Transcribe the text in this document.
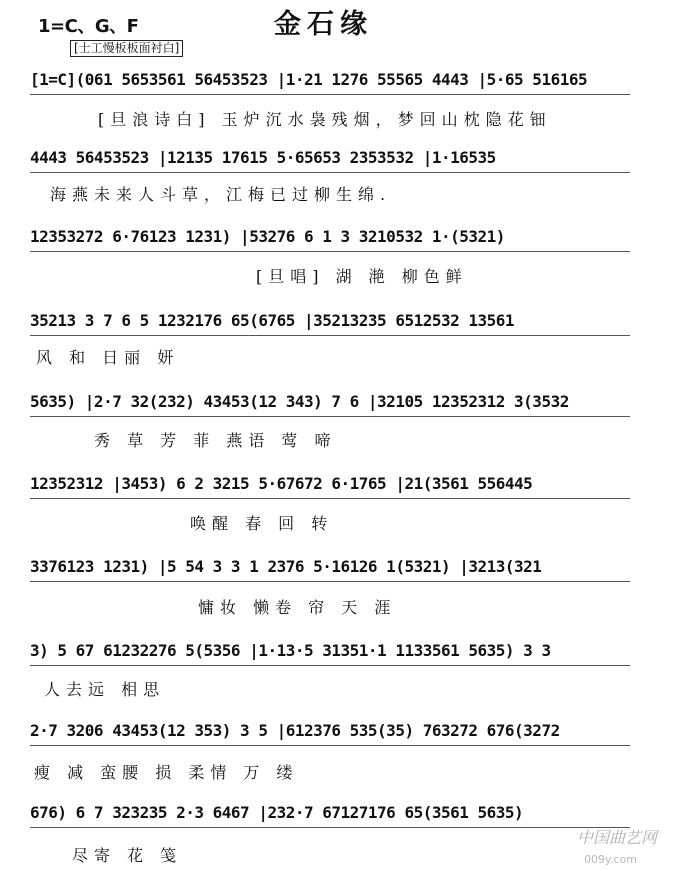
1=C、G、F	金石缘
[士工慢板板面衬白]
[1=C](061 5653561 56453523 |1·21 1276 55565 4443 |5·65 516165
[旦浪诗白] 玉炉沉水袅残烟，梦回山枕隐花钿
4443 56453523 |12135 17615 5·65653 2353532 |1·16535
海燕未来人斗草，江梅已过柳生绵.
12353272 6·76123 1231) |53276 6 1 3 3210532 1·(5321)
[旦唱] 湖 滟 柳色鲜
35213 3 7 6 5 1232176 65(6765 |35213235 6512532 13561
风 和 日丽 妍
5635) |2·7 32(232) 43453(12 343) 7 6 |32105 12352312 3(3532
秀 草 芳 菲 燕语 莺 啼
12352312 |3453) 6 2 3215 5·67672 6·1765 |21(3561 556445
唤醒 春 回 转
3376123 1231) |5 54 3 3 1 2376 5·16126 1(5321) |3213(321
慵妆 懒卷 帘 天 涯
3) 5 67 61232276 5(5356 |1·13·5 31351·1 1133561 5635) 3 3
人去远 相思
2·7 3206 43453(12 353) 3 5 |612376 535(35) 763272 676(3272
瘦 减 蛮腰 损 柔情 万 缕
676) 6 7 323235 2·3 6467 |232·7 67127176 65(3561 5635)
尽寄 花 笺
中国曲艺网
009y.com
